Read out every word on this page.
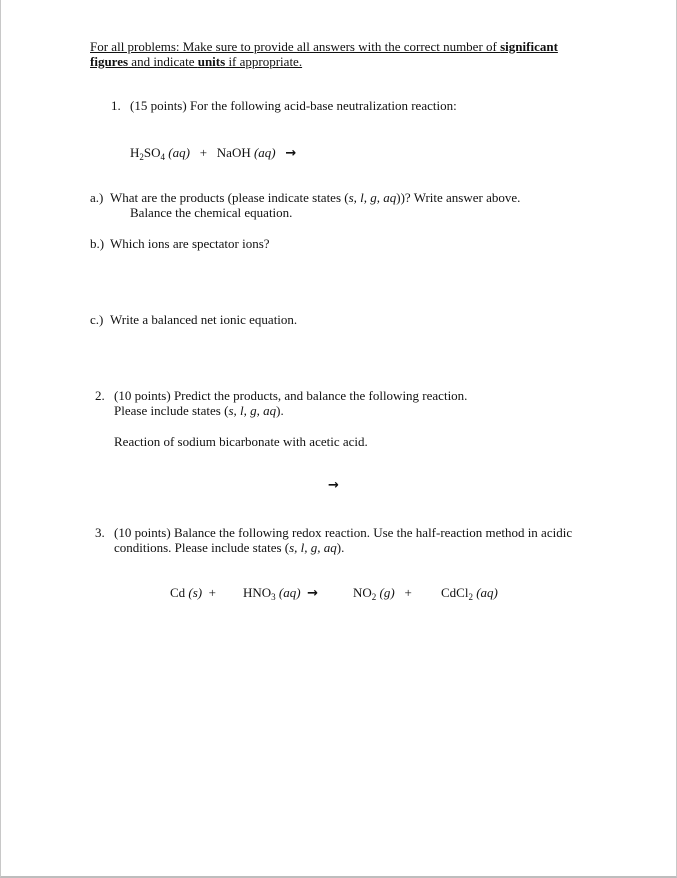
For all problems: Make sure to provide all answers with the correct number of significant
figures and indicate units if appropriate.
1. (15 points) For the following acid-base neutralization reaction:
$H_2SO_4$ (aq) + NaOH (aq) →
a.) What are the products (please indicate states (s, l, g, aq))? Write answer above.
Balance the chemical equation.
b.) Which ions are spectator ions?
c.) Write a balanced net ionic equation.
2. (10 points) Predict the products, and balance the following reaction.
Please include states (s, l, g, aq).
Reaction of sodium bicarbonate with acetic acid.
→
3. (10 points) Balance the following redox reaction. Use the half-reaction method in acidic
conditions. Please include states (s, l, g, aq).
Cd $(s) + HNO_3$ (aq) →	$NO_2$ (g) + CdCl$_2$ (aq)
